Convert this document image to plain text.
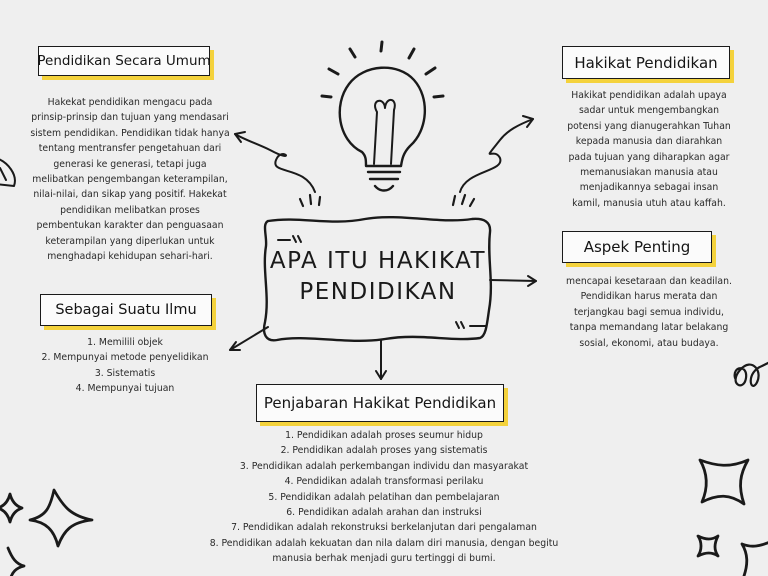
APA ITU HAKIKAT
PENDIDIKAN
Pendidikan Secara Umum
Hakekat pendidikan mengacu pada
prinsip-prinsip dan tujuan yang mendasari
sistem pendidikan. Pendidikan tidak hanya
tentang mentransfer pengetahuan dari
generasi ke generasi, tetapi juga
melibatkan pengembangan keterampilan,
nilai-nilai, dan sikap yang positif. Hakekat
pendidikan melibatkan proses
pembentukan karakter dan penguasaan
keterampilan yang diperlukan untuk
menghadapi kehidupan sehari-hari.
Hakikat Pendidikan
Hakikat pendidikan adalah upaya
sadar untuk mengembangkan
potensi yang dianugerahkan Tuhan
kepada manusia dan diarahkan
pada tujuan yang diharapkan agar
memanusiakan manusia atau
menjadikannya sebagai insan
kamil, manusia utuh atau kaffah.
Sebagai Suatu Ilmu
1. Memilili objek
2. Mempunyai metode penyelidikan
3. Sistematis
4. Mempunyai tujuan
Aspek Penting
mencapai kesetaraan dan keadilan.
Pendidikan harus merata dan
terjangkau bagi semua individu,
tanpa memandang latar belakang
sosial, ekonomi, atau budaya.
Penjabaran Hakikat Pendidikan
1. Pendidikan adalah proses seumur hidup
2. Pendidikan adalah proses yang sistematis
3. Pendidikan adalah perkembangan individu dan masyarakat
4. Pendidikan adalah transformasi perilaku
5. Pendidikan adalah pelatihan dan pembelajaran
6. Pendidikan adalah arahan dan instruksi
7. Pendidikan adalah rekonstruksi berkelanjutan dari pengalaman
8. Pendidikan adalah kekuatan dan nila dalam diri manusia, dengan begitu
manusia berhak menjadi guru tertinggi di bumi.
